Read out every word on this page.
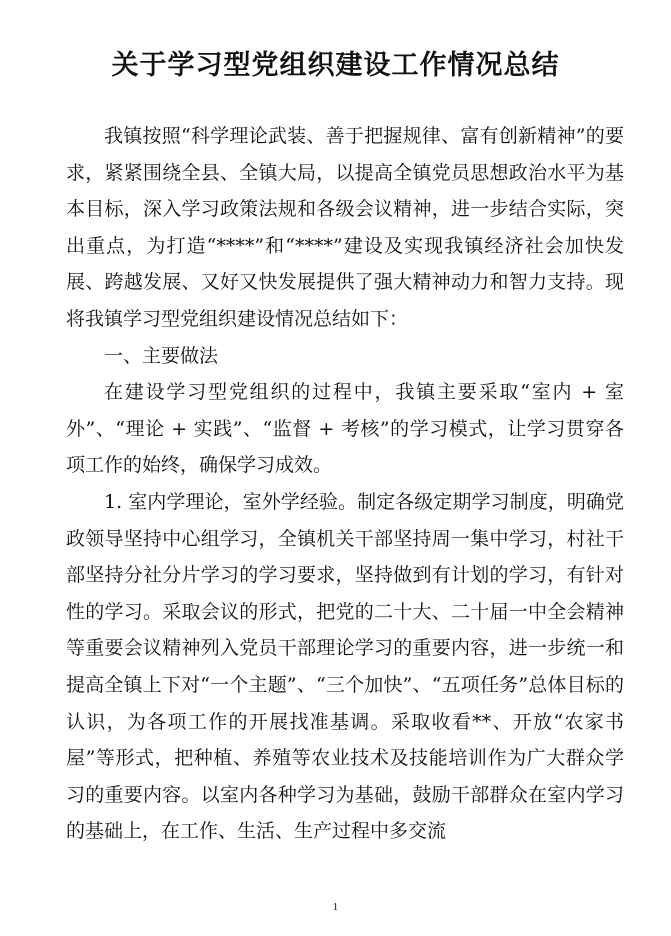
关于学习型党组织建设工作情况总结

我镇按照“科学理论武装、善于把握规律、富有创新精神”的要求，紧紧围绕全县、全镇大局，以提高全镇党员思想政治水平为基本目标，深入学习政策法规和各级会议精神，进一步结合实际，突出重点，为打造“****”和“****”建设及实现我镇经济社会加快发展、跨越发展、又好又快发展提供了强大精神动力和智力支持。现将我镇学习型党组织建设情况总结如下：

一、主要做法

在建设学习型党组织的过程中，我镇主要采取“室内 + 室外”、“理论 + 实践”、“监督 + 考核”的学习模式，让学习贯穿各项工作的始终，确保学习成效。

1. 室内学理论，室外学经验。制定各级定期学习制度，明确党政领导坚持中心组学习，全镇机关干部坚持周一集中学习，村社干部坚持分社分片学习的学习要求，坚持做到有计划的学习，有针对性的学习。采取会议的形式，把党的二十大、二十届一中全会精神等重要会议精神列入党员干部理论学习的重要内容，进一步统一和提高全镇上下对“一个主题”、“三个加快”、“五项任务”总体目标的认识，为各项工作的开展找准基调。采取收看**、开放“农家书屋”等形式，把种植、养殖等农业技术及技能培训作为广大群众学习的重要内容。以室内各种学习为基础，鼓励干部群众在室内学习的基础上，在工作、生活、生产过程中多交流

1
